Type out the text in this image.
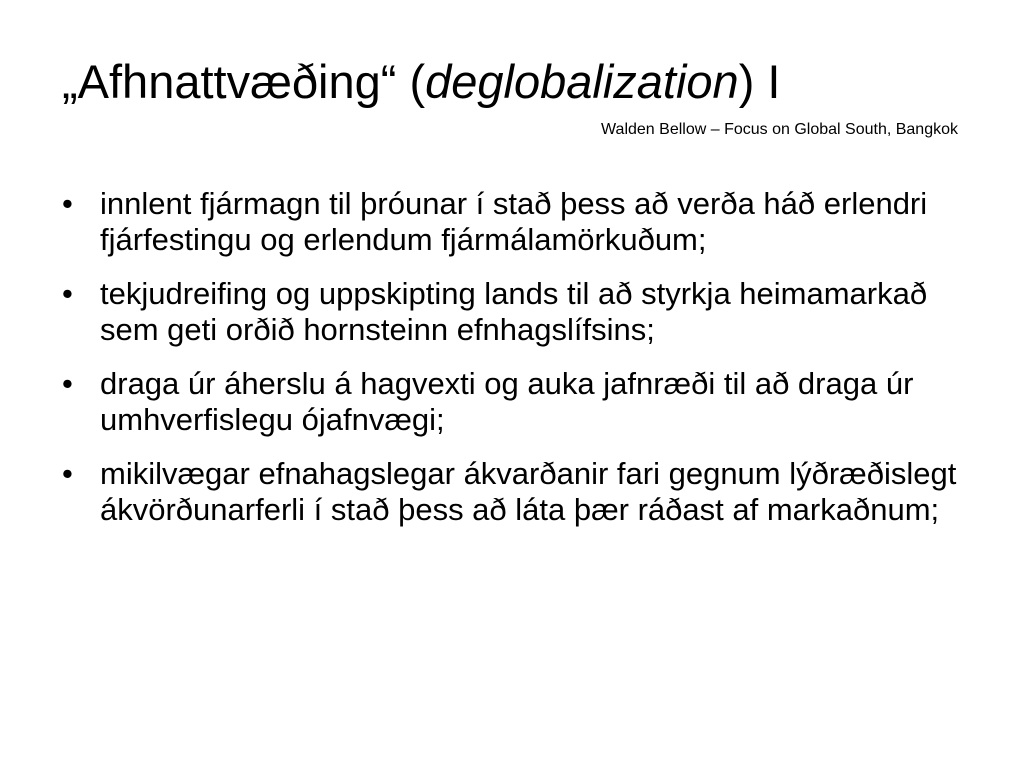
„Afhnattvæðing“ (deglobalization) I
Walden Bellow – Focus on Global South, Bangkok
• innlent fjármagn til þróunar í stað þess að verða háð erlendri fjárfestingu og erlendum fjármálamörkuðum;
• tekjudreifing og uppskipting lands til að styrkja heimamarkað sem geti orðið hornsteinn efnhagslífsins;
• draga úr áherslu á hagvexti og auka jafnræði til að draga úr umhverfislegu ójafnvægi;
• mikilvægar efnahagslegar ákvarðanir fari gegnum lýðræðislegt ákvörðunarferli í stað þess að láta þær ráðast af markaðnum;
